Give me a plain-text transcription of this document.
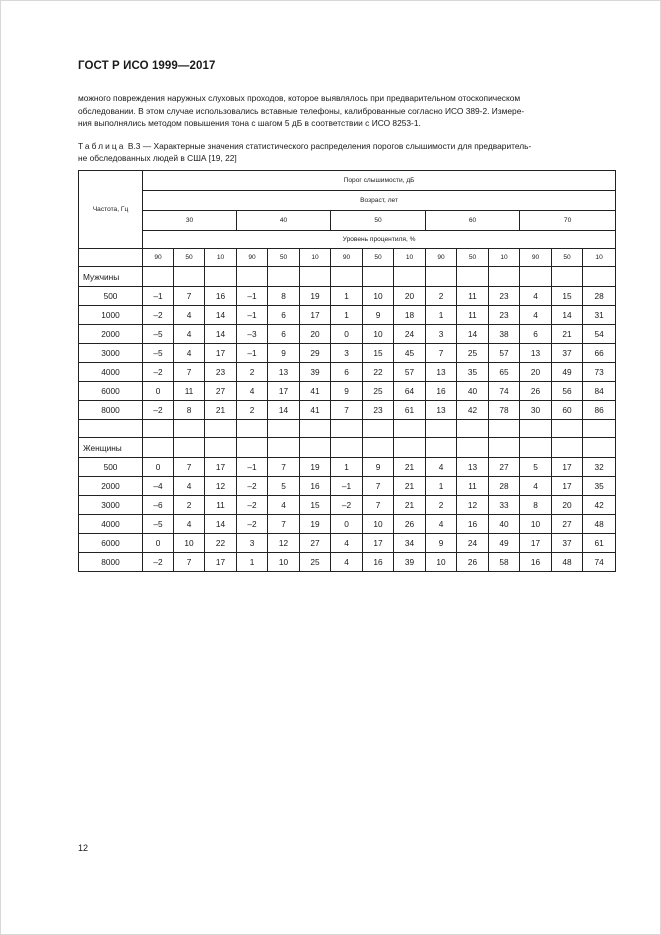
ГОСТ Р ИСО 1999—2017

можного повреждения наружных слуховых проходов, которое выявлялось при предварительном отоскопическом
обследовании. В этом случае использовались вставные телефоны, калиброванные согласно ИСО 389-2. Измере-
ния выполнялись методом повышения тона с шагом 5 дБ в соответствии с ИСО 8253-1.

Таблица В.3 — Характерные значения статистического распределения порогов слышимости для предваритель-
не обследованных людей в США [19, 22]
Частота, Гц	Порог слышимости, дБ														
	Возраст, лет														
	30			40			50			60			70		
	Уровень процентиля, %														
	90	50	10	90	50	10	90	50	10	90	50	10	90	50	10
Мужчины															
500	–1	7	16	–1	8	19	1	10	20	2	11	23	4	15	28
1000	–2	4	14	–1	6	17	1	9	18	1	11	23	4	14	31
2000	–5	4	14	–3	6	20	0	10	24	3	14	38	6	21	54
3000	–5	4	17	–1	9	29	3	15	45	7	25	57	13	37	66
4000	–2	7	23	2	13	39	6	22	57	13	35	65	20	49	73
6000	0	11	27	4	17	41	9	25	64	16	40	74	26	56	84
8000	–2	8	21	2	14	41	7	23	61	13	42	78	30	60	86

Женщины															
500	0	7	17	–1	7	19	1	9	21	4	13	27	5	17	32
2000	–4	4	12	–2	5	16	–1	7	21	1	11	28	4	17	35
3000	–6	2	11	–2	4	15	–2	7	21	2	12	33	8	20	42
4000	–5	4	14	–2	7	19	0	10	26	4	16	40	10	27	48
6000	0	10	22	3	12	27	4	17	34	9	24	49	17	37	61
8000	–2	7	17	1	10	25	4	16	39	10	26	58	16	48	74
12
